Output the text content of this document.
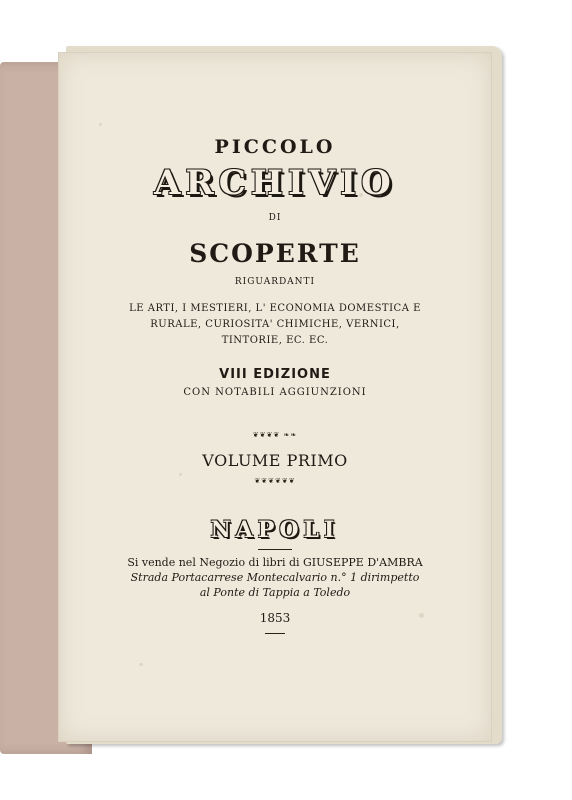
PICCOLO
ARCHIVIO
DI
SCOPERTE
RIGUARDANTI
LE ARTI, I MESTIERI, L' ECONOMIA DOMESTICA E
RURALE, CURIOSITA' CHIMICHE, VERNICI,
TINTORIE, EC. EC.
VIII EDIZIONE
CON NOTABILI AGGIUNZIONI
❦❦❦❦ ❧❧
VOLUME PRIMO
❦❦❦❦❦❦
NAPOLI
Si vende nel Negozio di libri di GIUSEPPE D'AMBRA
Strada Portacarrese Montecalvario n.° 1 dirimpetto
al Ponte di Tappia a Toledo
1853
